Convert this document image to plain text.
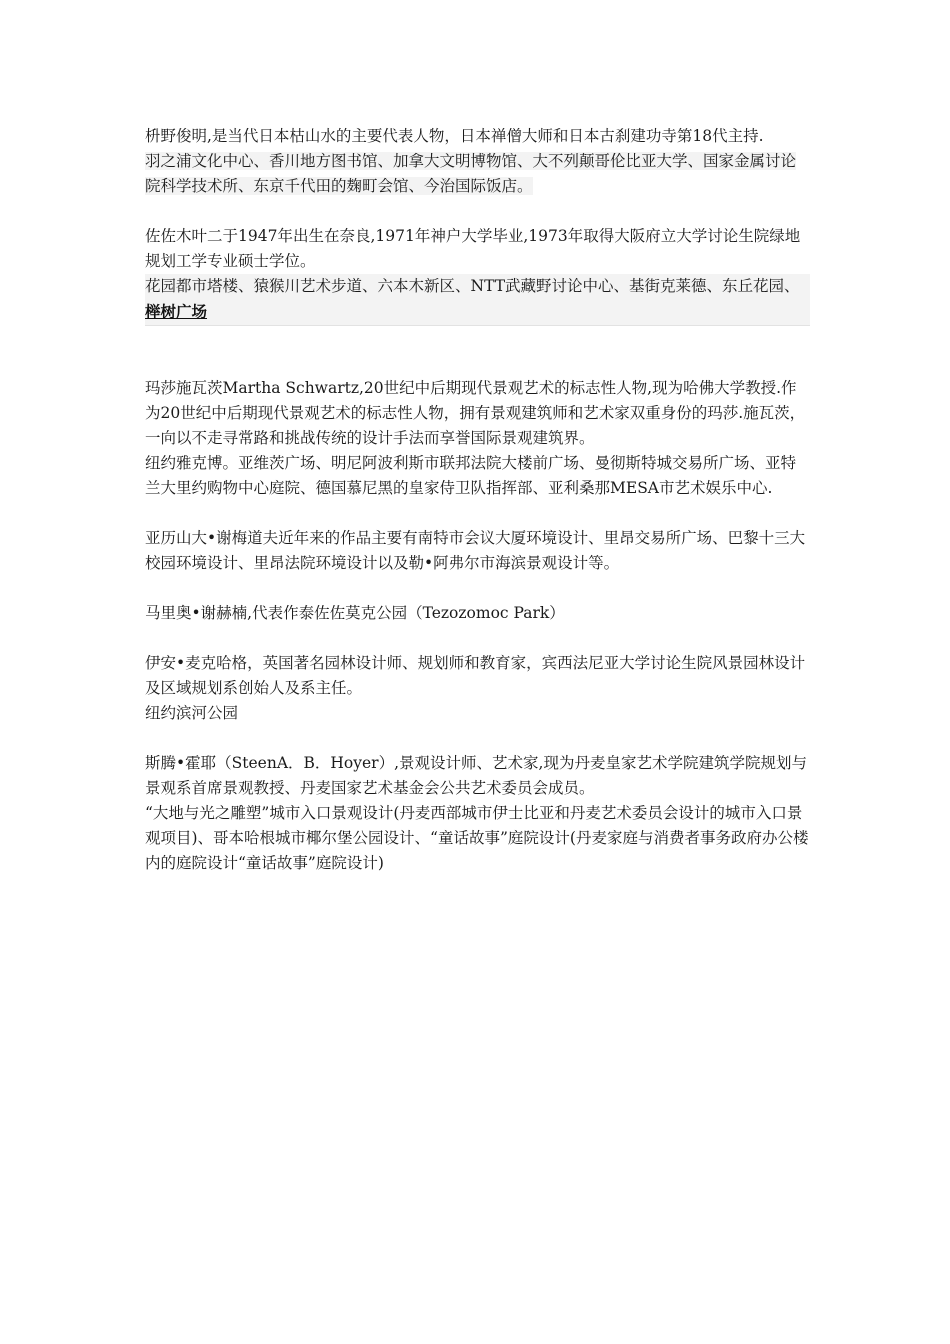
枡野俊明,是当代日本枯山水的主要代表人物，日本禅僧大师和日本古刹建功寺第18代主持.

羽之浦文化中心、香川地方图书馆、加拿大文明博物馆、大不列颠哥伦比亚大学、国家金属讨论院科学技术所、东京千代田的麹町会馆、今治国际饭店。

佐佐木叶二于1947年出生在奈良,1971年神户大学毕业,1973年取得大阪府立大学讨论生院绿地规划工学专业硕士学位。

花园都市塔楼、猿猴川艺术步道、六本木新区、NTT武藏野讨论中心、基街克莱德、东丘花园、榉树广场

玛莎施瓦茨Martha Schwartz,20世纪中后期现代景观艺术的标志性人物,现为哈佛大学教授.作为20世纪中后期现代景观艺术的标志性人物，拥有景观建筑师和艺术家双重身份的玛莎.施瓦茨，一向以不走寻常路和挑战传统的设计手法而享誉国际景观建筑界。

纽约雅克博。亚维茨广场、明尼阿波利斯市联邦法院大楼前广场、曼彻斯特城交易所广场、亚特兰大里约购物中心庭院、德国慕尼黑的皇家侍卫队指挥部、亚利桑那MESA市艺术娱乐中心.

亚历山大•谢梅道夫近年来的作品主要有南特市会议大厦环境设计、里昂交易所广场、巴黎十三大校园环境设计、里昂法院环境设计以及勒•阿弗尔市海滨景观设计等。

马里奥•谢赫楠,代表作泰佐佐莫克公园（Tezozomoc Park）

伊安•麦克哈格，英国著名园林设计师、规划师和教育家，宾西法尼亚大学讨论生院风景园林设计及区域规划系创始人及系主任。

纽约滨河公园

斯腾•霍耶（SteenA．B．Hoyer）,景观设计师、艺术家,现为丹麦皇家艺术学院建筑学院规划与景观系首席景观教授、丹麦国家艺术基金会公共艺术委员会成员。

“大地与光之雕塑”城市入口景观设计(丹麦西部城市伊士比亚和丹麦艺术委员会设计的城市入口景观项目)、哥本哈根城市椰尔堡公园设计、“童话故事”庭院设计(丹麦家庭与消费者事务政府办公楼内的庭院设计“童话故事”庭院设计)
